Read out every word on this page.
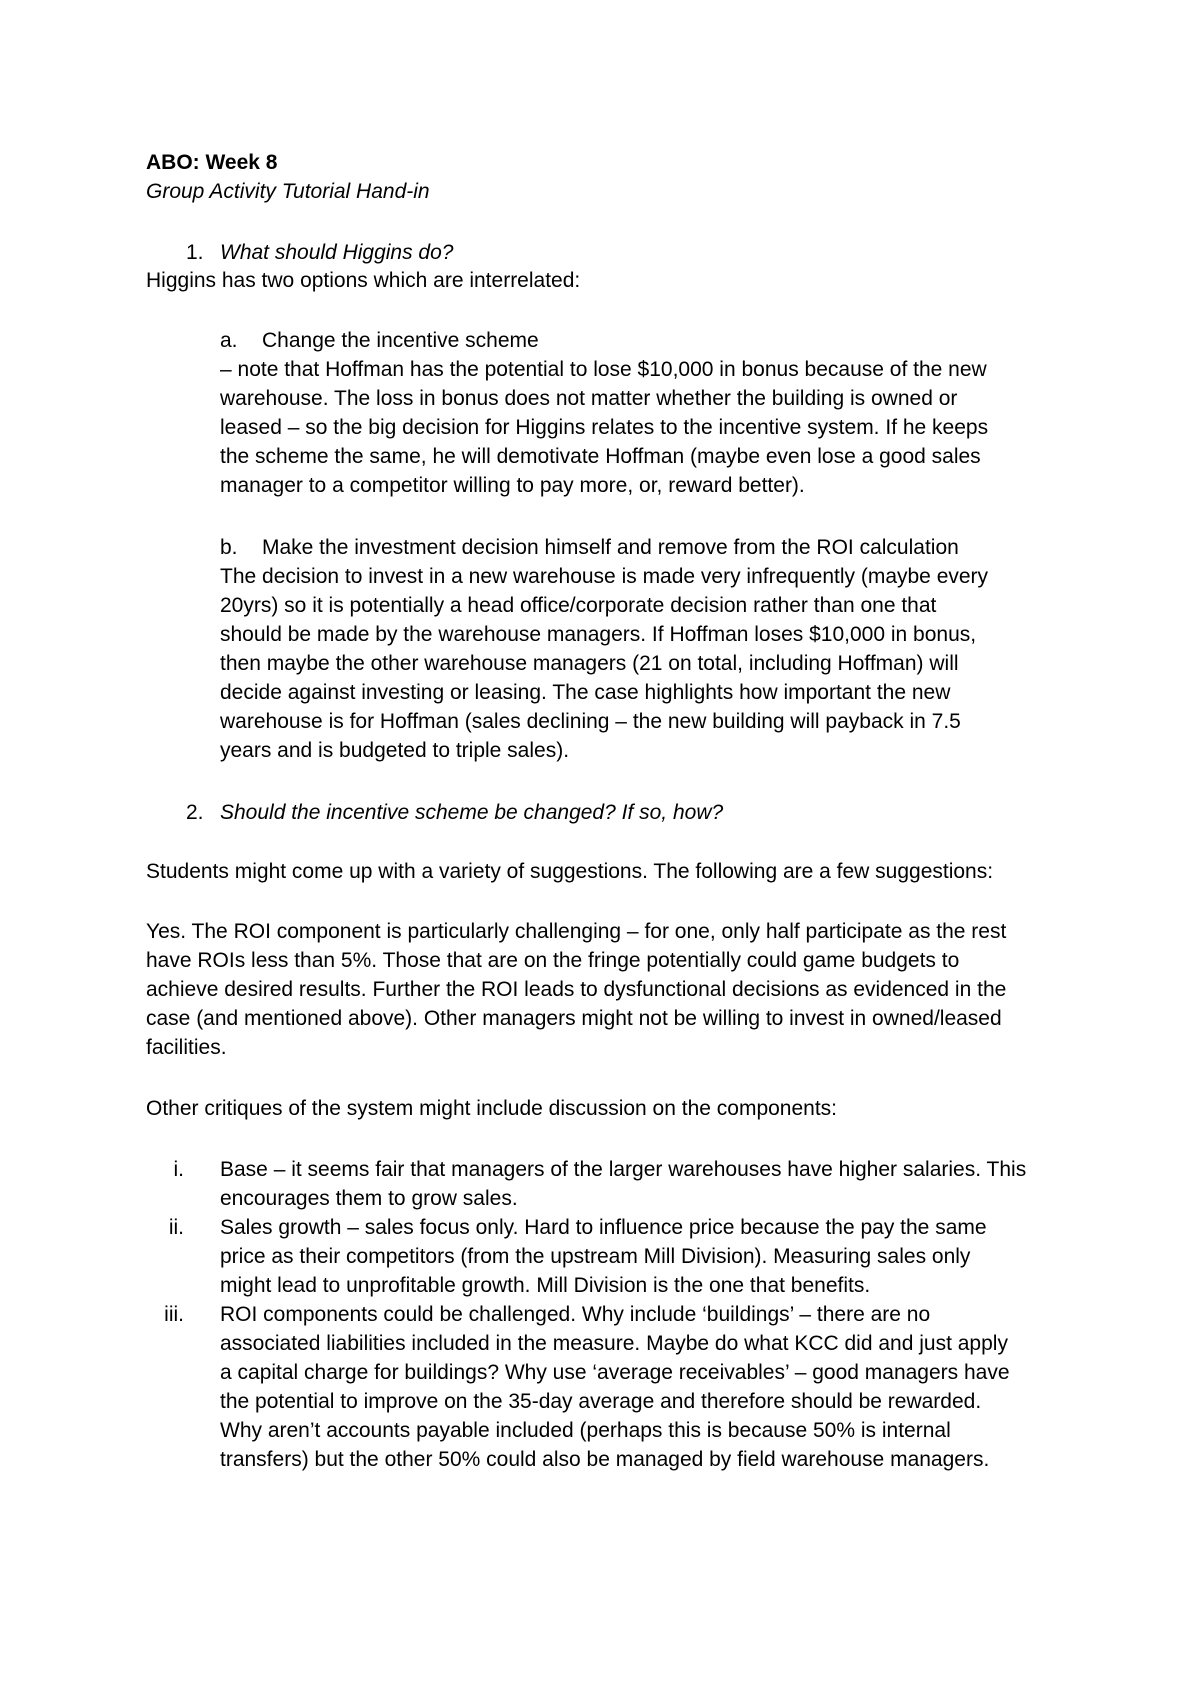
ABO: Week 8
Group Activity Tutorial Hand-in
1. What should Higgins do?
Higgins has two options which are interrelated:
a. Change the incentive scheme
– note that Hoffman has the potential to lose $10,000 in bonus because of the new
warehouse. The loss in bonus does not matter whether the building is owned or
leased – so the big decision for Higgins relates to the incentive system. If he keeps
the scheme the same, he will demotivate Hoffman (maybe even lose a good sales
manager to a competitor willing to pay more, or, reward better).
b. Make the investment decision himself and remove from the ROI calculation
The decision to invest in a new warehouse is made very infrequently (maybe every
20yrs) so it is potentially a head office/corporate decision rather than one that
should be made by the warehouse managers. If Hoffman loses $10,000 in bonus,
then maybe the other warehouse managers (21 on total, including Hoffman) will
decide against investing or leasing. The case highlights how important the new
warehouse is for Hoffman (sales declining – the new building will payback in 7.5
years and is budgeted to triple sales).
2. Should the incentive scheme be changed? If so, how?
Students might come up with a variety of suggestions. The following are a few suggestions:
Yes. The ROI component is particularly challenging – for one, only half participate as the rest
have ROIs less than 5%. Those that are on the fringe potentially could game budgets to
achieve desired results. Further the ROI leads to dysfunctional decisions as evidenced in the
case (and mentioned above). Other managers might not be willing to invest in owned/leased
facilities.
Other critiques of the system might include discussion on the components:
i. Base – it seems fair that managers of the larger warehouses have higher salaries. This
encourages them to grow sales.
ii. Sales growth – sales focus only. Hard to influence price because the pay the same
price as their competitors (from the upstream Mill Division). Measuring sales only
might lead to unprofitable growth. Mill Division is the one that benefits.
iii. ROI components could be challenged. Why include ‘buildings’ – there are no
associated liabilities included in the measure. Maybe do what KCC did and just apply
a capital charge for buildings? Why use ‘average receivables’ – good managers have
the potential to improve on the 35-day average and therefore should be rewarded.
Why aren’t accounts payable included (perhaps this is because 50% is internal
transfers) but the other 50% could also be managed by field warehouse managers.
